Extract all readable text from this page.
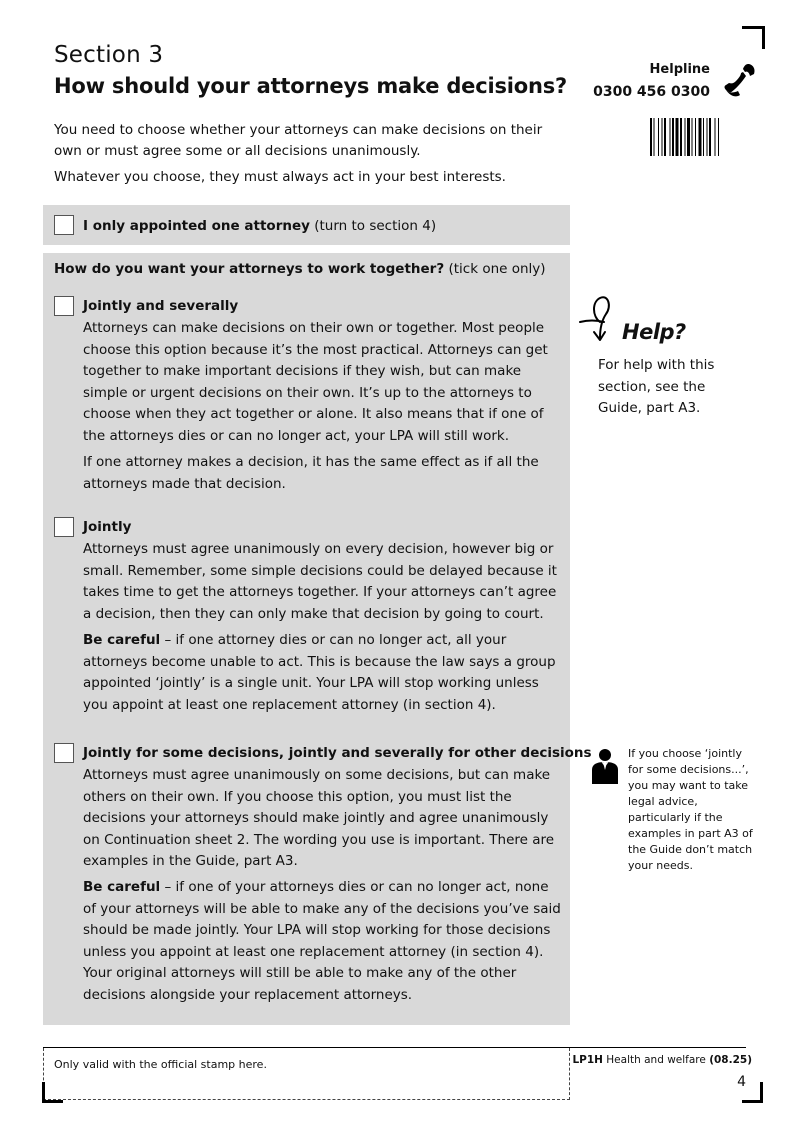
Section 3
How should your attorneys make decisions?
Helpline
0300 456 0300
You need to choose whether your attorneys can make decisions on their own or must agree some or all decisions unanimously.
Whatever you choose, they must always act in your best interests.
I only appointed one attorney (turn to section 4)
How do you want your attorneys to work together? (tick one only)
Jointly and severally
Attorneys can make decisions on their own or together. Most people choose this option because it’s the most practical. Attorneys can get together to make important decisions if they wish, but can make simple or urgent decisions on their own. It’s up to the attorneys to choose when they act together or alone. It also means that if one of the attorneys dies or can no longer act, your LPA will still work.
If one attorney makes a decision, it has the same effect as if all the attorneys made that decision.
Jointly
Attorneys must agree unanimously on every decision, however big or small. Remember, some simple decisions could be delayed because it takes time to get the attorneys together. If your attorneys can’t agree a decision, then they can only make that decision by going to court.
Be careful – if one attorney dies or can no longer act, all your attorneys become unable to act. This is because the law says a group appointed ‘jointly’ is a single unit. Your LPA will stop working unless you appoint at least one replacement attorney (in section 4).
Jointly for some decisions, jointly and severally for other decisions
Attorneys must agree unanimously on some decisions, but can make others on their own. If you choose this option, you must list the decisions your attorneys should make jointly and agree unanimously on Continuation sheet 2. The wording you use is important. There are examples in the Guide, part A3.
Be careful – if one of your attorneys dies or can no longer act, none of your attorneys will be able to make any of the decisions you’ve said should be made jointly. Your LPA will stop working for those decisions unless you appoint at least one replacement attorney (in section 4). Your original attorneys will still be able to make any of the other decisions alongside your replacement attorneys.
Help?
For help with this section, see the Guide, part A3.
If you choose ‘jointly for some decisions...’, you may want to take legal advice, particularly if the examples in part A3 of the Guide don’t match your needs.
Only valid with the official stamp here.	LP1H Health and welfare (08.25)
4
